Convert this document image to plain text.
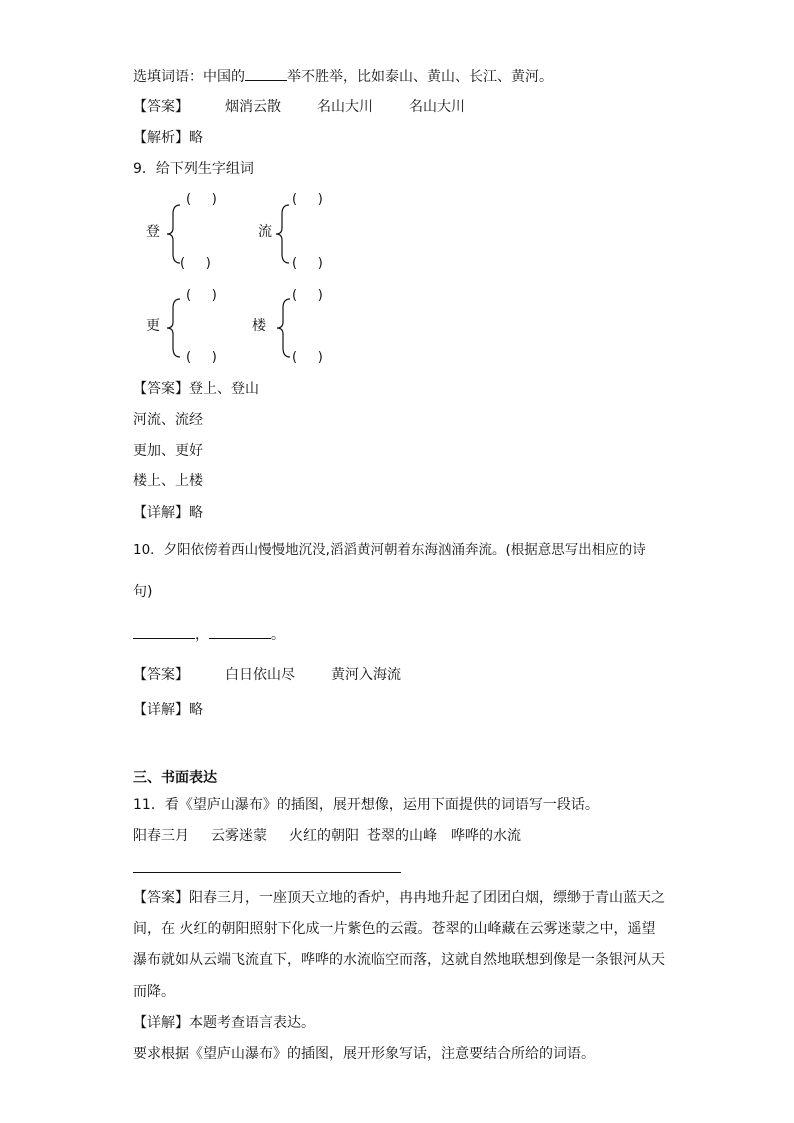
选填词语：中国的	举不胜举，比如泰山、黄山、长江、黄河。
【答案】	烟消云散	名山大川	名山大川
【解析】略
9．给下列生字组词
登
(     )
(     )
流
(     )
(     )
更
(     )
(     )
楼
(     )
(     )
【答案】登上、登山
河流、流经
更加、更好
楼上、上楼
【详解】略
10．夕阳依傍着西山慢慢地沉没,滔滔黄河朝着东海汹涌奔流。(根据意思写出相应的诗
句)
，	。
【答案】	白日依山尽	黄河入海流
【详解】略
三、书面表达
11．看《望庐山瀑布》的插图，展开想像，运用下面提供的词语写一段话。
阳春三月 云雾迷蒙 火红的朝阳 苍翠的山峰 哗哗的水流
【答案】阳春三月，一座顶天立地的香炉，冉冉地升起了团团白烟，缥缈于青山蓝天之
间，在 火红的朝阳照射下化成一片紫色的云霞。苍翠的山峰藏在云雾迷蒙之中，遥望
瀑布就如从云端飞流直下，哗哗的水流临空而落，这就自然地联想到像是一条银河从天
而降。
【详解】本题考查语言表达。
要求根据《望庐山瀑布》的插图，展开形象写话，注意要结合所给的词语。
